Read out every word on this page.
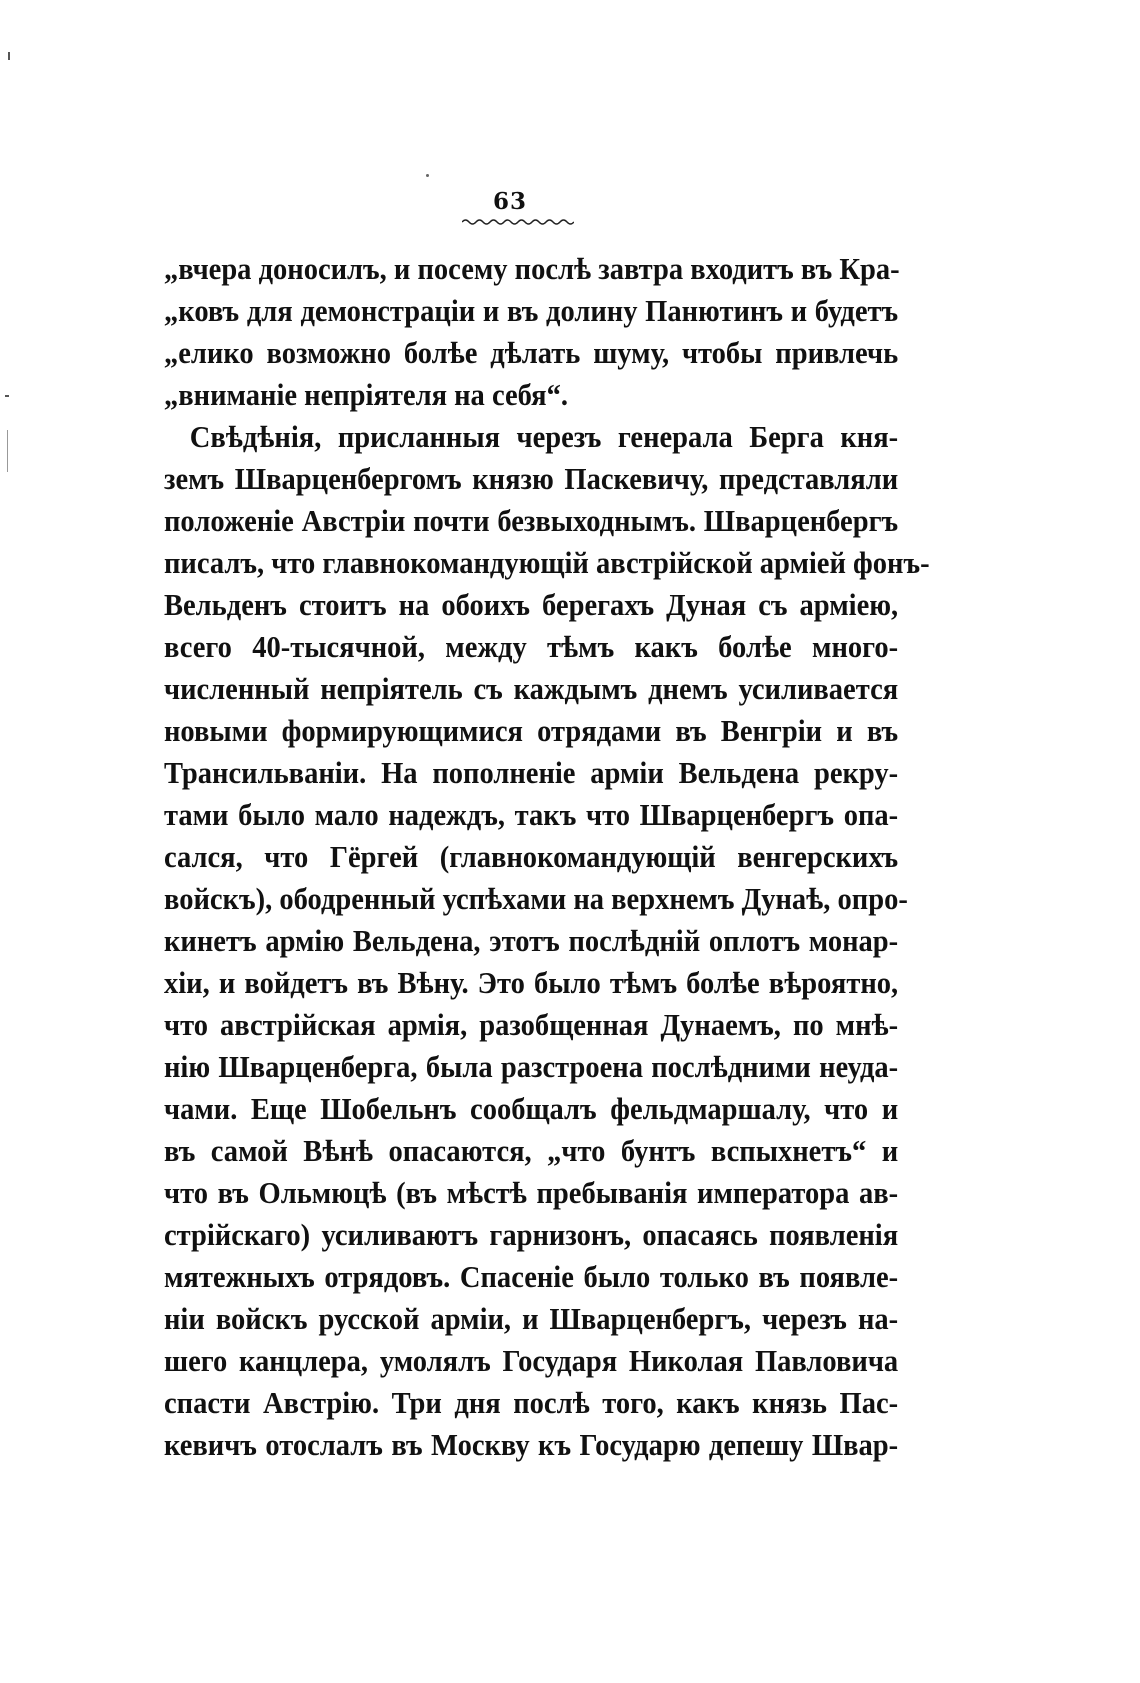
63
„вчера доносилъ, и посему послѣ завтра входитъ въ Кра-
„ковъ для демонстраціи и въ долину Панютинъ и будетъ
„елико возможно болѣе дѣлать шуму, чтобы привлечь
„вниманіе непріятеля на себя“.
Свѣдѣнія, присланныя черезъ генерала Берга кня-
земъ Шварценбергомъ князю Паскевичу, представляли
положеніе Австріи почти безвыходнымъ. Шварценбергъ
писалъ, что главнокомандующій австрійской арміей фонъ-
Вельденъ стоитъ на обоихъ берегахъ Дуная съ арміею,
всего 40-тысячной, между тѣмъ какъ болѣе много-
численный непріятель съ каждымъ днемъ усиливается
новыми формирующимися отрядами въ Венгріи и въ
Трансильваніи. На пополненіе арміи Вельдена рекру-
тами было мало надеждъ, такъ что Шварценбергъ опа-
сался, что Гёргей (главнокомандующій венгерскихъ
войскъ), ободренный успѣхами на верхнемъ Дунаѣ, опро-
кинетъ армію Вельдена, этотъ послѣдній оплотъ монар-
хіи, и войдетъ въ Вѣну. Это было тѣмъ болѣе вѣроятно,
что австрійская армія, разобщенная Дунаемъ, по мнѣ-
нію Шварценберга, была разстроена послѣдними неуда-
чами. Еще Шобельнъ сообщалъ фельдмаршалу, что и
въ самой Вѣнѣ опасаются, „что бунтъ вспыхнетъ“ и
что въ Ольмюцѣ (въ мѣстѣ пребыванія императора ав-
стрійскаго) усиливаютъ гарнизонъ, опасаясь появленія
мятежныхъ отрядовъ. Спасеніе было только въ появле-
ніи войскъ русской арміи, и Шварценбергъ, черезъ на-
шего канцлера, умолялъ Государя Николая Павловича
спасти Австрію. Три дня послѣ того, какъ князь Пас-
кевичъ отослалъ въ Москву къ Государю депешу Швар-
